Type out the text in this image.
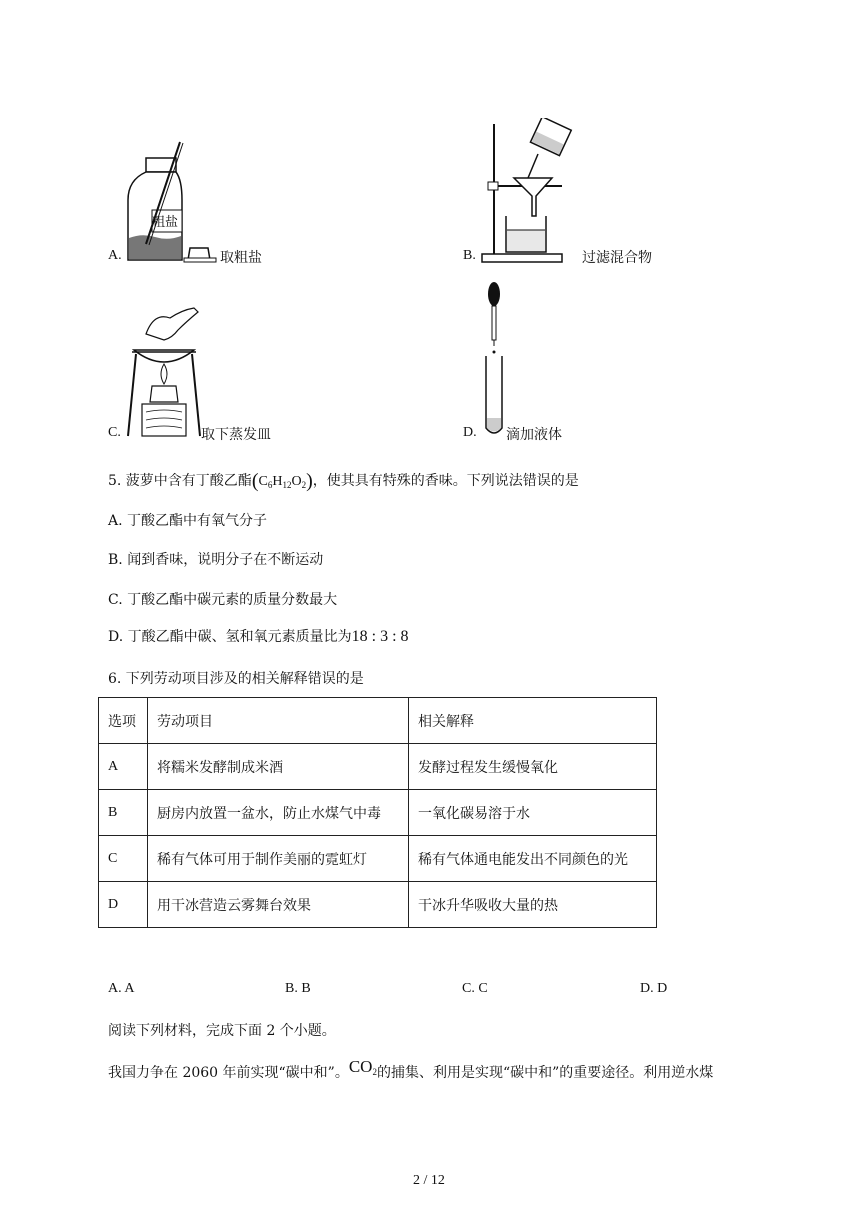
粗盐
A.	取粗盐	B.	过滤混合物
C.	取下蒸发皿	D. 滴加液体
5. 菠萝中含有丁酸乙酯$(C_6H_{12}O_2)$，使其具有特殊的香味。下列说法错误的是
A. 丁酸乙酯中有氧气分子
B. 闻到香味，说明分子在不断运动
C. 丁酸乙酯中碳元素的质量分数最大
D. 丁酸乙酯中碳、氢和氧元素质量比为18 : 3 : 8
6. 下列劳动项目涉及的相关解释错误的是
选项	劳动项目	相关解释
A	将糯米发酵制成米酒	发酵过程发生缓慢氧化
B	厨房内放置一盆水，防止水煤气中毒	一氧化碳易溶于水
C	稀有气体可用于制作美丽的霓虹灯	稀有气体通电能发出不同颜色的光
D	用干冰营造云雾舞台效果	干冰升华吸收大量的热
A. A	B. B	C. C	D. D
阅读下列材料，完成下面 2 个小题。
我国力争在 2060 年前实现“碳中和”。$CO_2$的捕集、利用是实现“碳中和”的重要途径。利用逆水煤
2 / 12
